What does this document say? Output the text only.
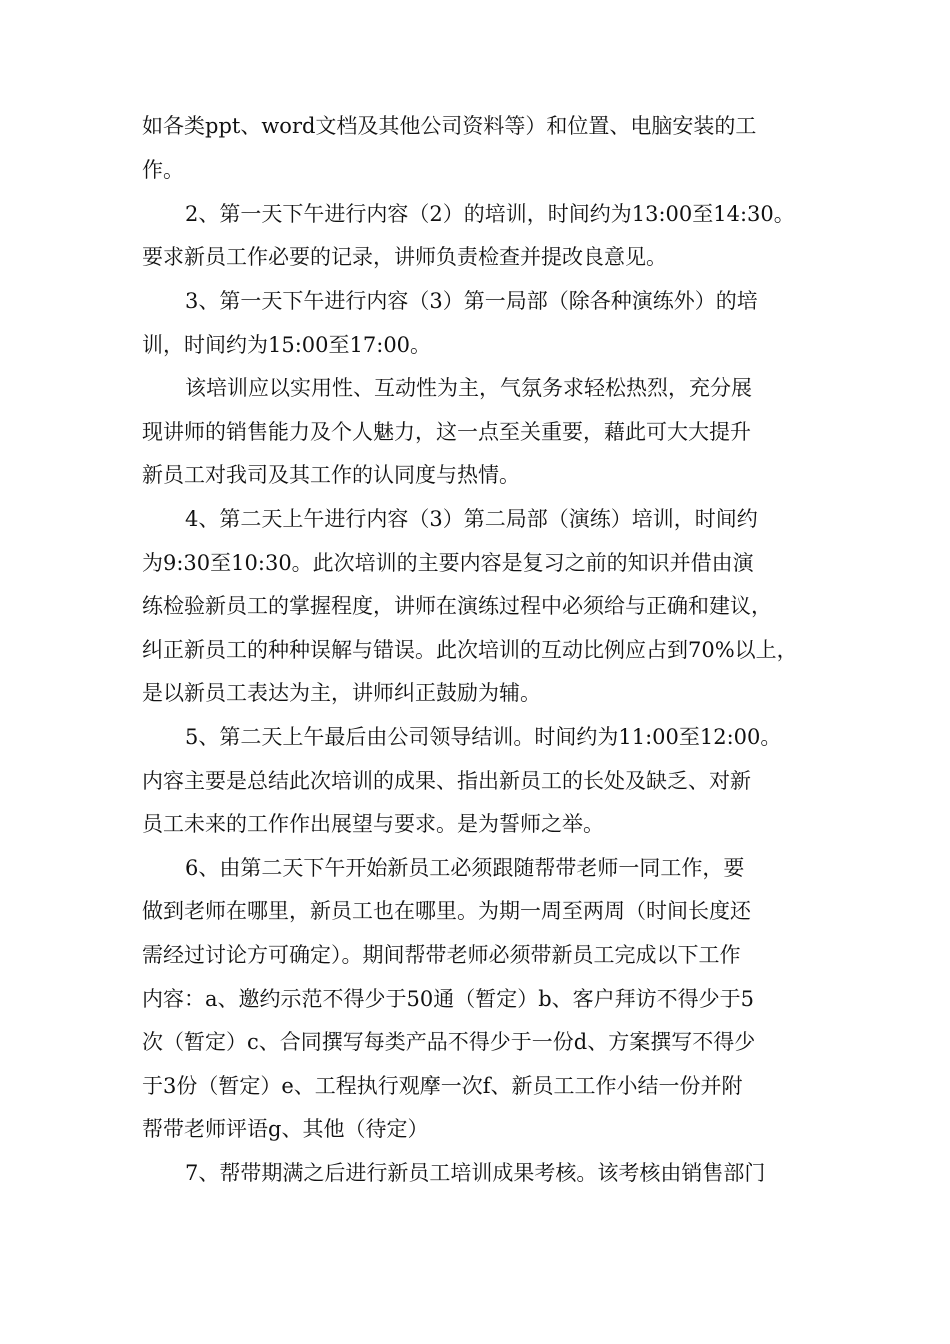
如各类ppt、word文档及其他公司资料等）和位置、电脑安装的工
作。
2、第一天下午进行内容（2）的培训，时间约为13:00至14:30。
要求新员工作必要的记录，讲师负责检查并提改良意见。
3、第一天下午进行内容（3）第一局部（除各种演练外）的培
训，时间约为15:00至17:00。
该培训应以实用性、互动性为主，气氛务求轻松热烈，充分展
现讲师的销售能力及个人魅力，这一点至关重要，藉此可大大提升
新员工对我司及其工作的认同度与热情。
4、第二天上午进行内容（3）第二局部（演练）培训，时间约
为9:30至10:30。此次培训的主要内容是复习之前的知识并借由演
练检验新员工的掌握程度，讲师在演练过程中必须给与正确和建议，
纠正新员工的种种误解与错误。此次培训的互动比例应占到70%以上，
是以新员工表达为主，讲师纠正鼓励为辅。
5、第二天上午最后由公司领导结训。时间约为11:00至12:00。
内容主要是总结此次培训的成果、指出新员工的长处及缺乏、对新
员工未来的工作作出展望与要求。是为誓师之举。
6、由第二天下午开始新员工必须跟随帮带老师一同工作，要
做到老师在哪里，新员工也在哪里。为期一周至两周（时间长度还
需经过讨论方可确定）。期间帮带老师必须带新员工完成以下工作
内容：a、邀约示范不得少于50通（暂定）b、客户拜访不得少于5
次（暂定）c、合同撰写每类产品不得少于一份d、方案撰写不得少
于3份（暂定）e、工程执行观摩一次f、新员工工作小结一份并附
帮带老师评语g、其他（待定）
7、帮带期满之后进行新员工培训成果考核。该考核由销售部门
